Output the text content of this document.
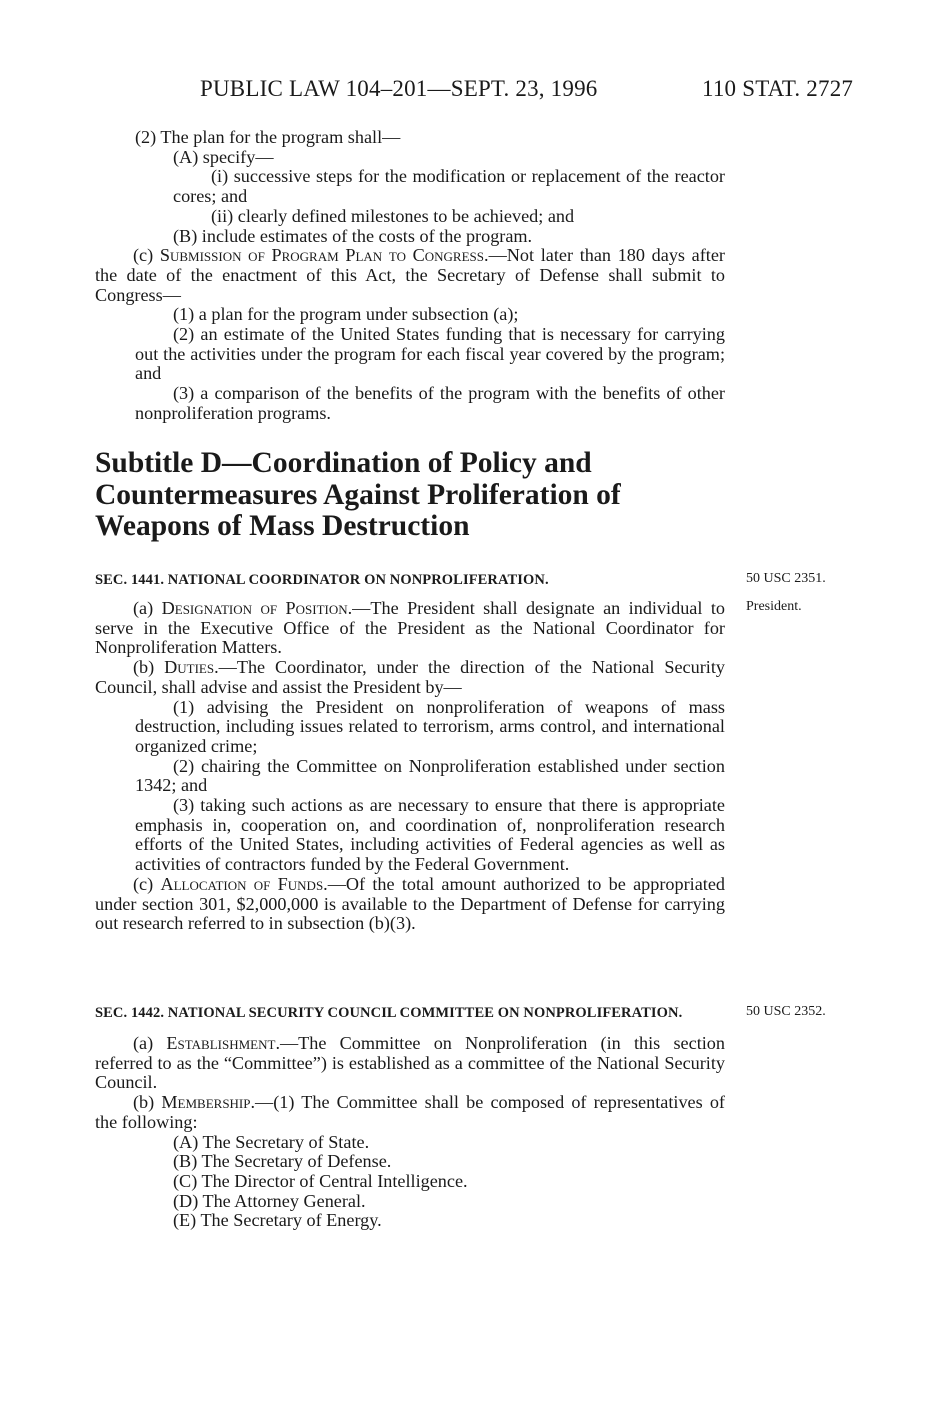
PUBLIC LAW 104–201—SEPT. 23, 1996	110 STAT. 2727

(2) The plan for the program shall—

(A) specify—

(i) successive steps for the modification or replacement of the reactor cores; and

(ii) clearly defined milestones to be achieved; and

(B) include estimates of the costs of the program.

(c) Submission of Program Plan to Congress.—Not later than 180 days after the date of the enactment of this Act, the Secretary of Defense shall submit to Congress—

(1) a plan for the program under subsection (a);

(2) an estimate of the United States funding that is necessary for carrying out the activities under the program for each fiscal year covered by the program; and

(3) a comparison of the benefits of the program with the benefits of other nonproliferation programs.

Subtitle D—Coordination of Policy and Countermeasures Against Proliferation of Weapons of Mass Destruction
50 USC 2351.
President.

SEC. 1441. NATIONAL COORDINATOR ON NONPROLIFERATION.

(a) Designation of Position.—The President shall designate an individual to serve in the Executive Office of the President as the National Coordinator for Nonproliferation Matters.

(b) Duties.—The Coordinator, under the direction of the National Security Council, shall advise and assist the President by—

(1) advising the President on nonproliferation of weapons of mass destruction, including issues related to terrorism, arms control, and international organized crime;

(2) chairing the Committee on Nonproliferation established under section 1342; and

(3) taking such actions as are necessary to ensure that there is appropriate emphasis in, cooperation on, and coordination of, nonproliferation research efforts of the United States, including activities of Federal agencies as well as activities of contractors funded by the Federal Government.

(c) Allocation of Funds.—Of the total amount authorized to be appropriated under section 301, $2,000,000 is available to the Department of Defense for carrying out research referred to in subsection (b)(3).

50 USC 2352.

SEC. 1442. NATIONAL SECURITY COUNCIL COMMITTEE ON NONPROLIFERATION.

(a) Establishment.—The Committee on Nonproliferation (in this section referred to as the “Committee”) is established as a committee of the National Security Council.

(b) Membership.—(1) The Committee shall be composed of representatives of the following:

(A) The Secretary of State.

(B) The Secretary of Defense.

(C) The Director of Central Intelligence.

(D) The Attorney General.

(E) The Secretary of Energy.
